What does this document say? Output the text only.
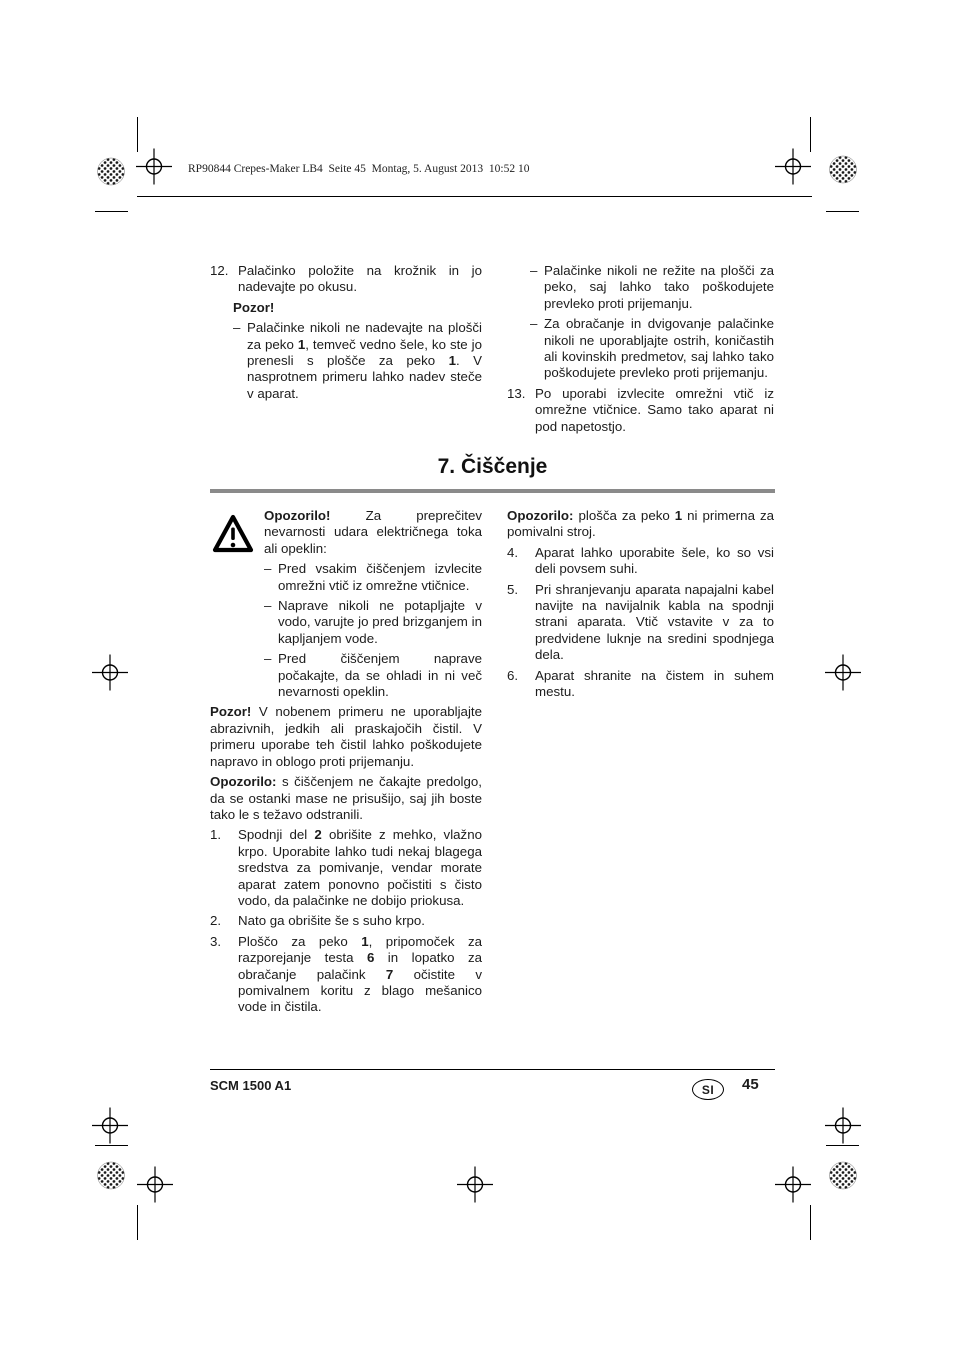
RP90844 Crepes-Maker LB4  Seite 45  Montag, 5. August 2013  10:52 10
12. Palačinko položite na krožnik in jo nadevajte po okusu.
Pozor!
– Palačinke nikoli ne nadevajte na plošči za peko 1, temveč vedno šele, ko ste jo prenesli s plošče za peko 1. V nasprotnem primeru lahko nadev steče v aparat.
– Palačinke nikoli ne režite na plošči za peko, saj lahko tako poškodujete prevleko proti prijemanju.
– Za obračanje in dvigovanje palačinke nikoli ne uporabljajte ostrih, koničastih ali kovinskih predmetov, saj lahko tako poškodujete prevleko proti prijemanju.
13. Po uporabi izvlecite omrežni vtič iz omrežne vtičnice. Samo tako aparat ni pod napetostjo.
7. Čiščenje
Opozorilo! Za preprečitev nevarnosti udara električnega toka ali opeklin:
– Pred vsakim čiščenjem izvlecite omrežni vtič iz omrežne vtičnice.
– Naprave nikoli ne potapljajte v vodo, varujte jo pred brizganjem in kapljanjem vode.
– Pred čiščenjem naprave počakajte, da se ohladi in ni več nevarnosti opeklin.
Pozor! V nobenem primeru ne uporabljajte abrazivnih, jedkih ali praskajočih čistil. V primeru uporabe teh čistil lahko poškodujete napravo in oblogo proti prijemanju.
Opozorilo: s čiščenjem ne čakajte predolgo, da se ostanki mase ne prisušijo, saj jih boste tako le s težavo odstranili.
1. Spodnji del 2 obrišite z mehko, vlažno krpo. Uporabite lahko tudi nekaj blagega sredstva za pomivanje, vendar morate aparat zatem ponovno počistiti s čisto vodo, da palačinke ne dobijo priokusa.
2. Nato ga obrišite še s suho krpo.
3. Ploščo za peko 1, pripomoček za razporejanje testa 6 in lopatko za obračanje palačink 7 očistite v pomivalnem koritu z blago mešanico vode in čistila.
Opozorilo: plošča za peko 1 ni primerna za pomivalni stroj.
4. Aparat lahko uporabite šele, ko so vsi deli povsem suhi.
5. Pri shranjevanju aparata napajalni kabel navijte na navijalnik kabla na spodnji strani aparata. Vtič vstavite v za to predvidene luknje na sredini spodnjega dela.
6. Aparat shranite na čistem in suhem mestu.
SCM 1500 A1	SI	45
